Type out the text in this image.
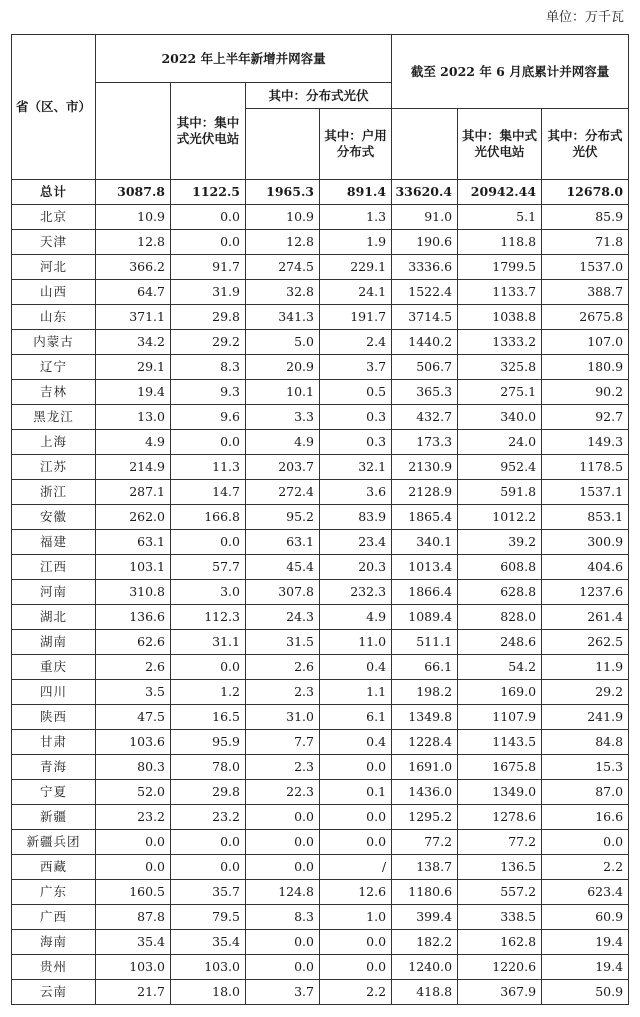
单位：万千瓦
省（区、市）	2022 年上半年新增并网容量				截至 2022 年 6 月底累计并网容量		
		其中：集中式光伏电站	其中：分布式光伏				
				其中：户用分布式		其中：集中式光伏电站	其中：分布式光伏
总计	3087.8	1122.5	1965.3	891.4	33620.4	20942.44	12678.0
北京	10.9	0.0	10.9	1.3	91.0	5.1	85.9
天津	12.8	0.0	12.8	1.9	190.6	118.8	71.8
河北	366.2	91.7	274.5	229.1	3336.6	1799.5	1537.0
山西	64.7	31.9	32.8	24.1	1522.4	1133.7	388.7
山东	371.1	29.8	341.3	191.7	3714.5	1038.8	2675.8
内蒙古	34.2	29.2	5.0	2.4	1440.2	1333.2	107.0
辽宁	29.1	8.3	20.9	3.7	506.7	325.8	180.9
吉林	19.4	9.3	10.1	0.5	365.3	275.1	90.2
黑龙江	13.0	9.6	3.3	0.3	432.7	340.0	92.7
上海	4.9	0.0	4.9	0.3	173.3	24.0	149.3
江苏	214.9	11.3	203.7	32.1	2130.9	952.4	1178.5
浙江	287.1	14.7	272.4	3.6	2128.9	591.8	1537.1
安徽	262.0	166.8	95.2	83.9	1865.4	1012.2	853.1
福建	63.1	0.0	63.1	23.4	340.1	39.2	300.9
江西	103.1	57.7	45.4	20.3	1013.4	608.8	404.6
河南	310.8	3.0	307.8	232.3	1866.4	628.8	1237.6
湖北	136.6	112.3	24.3	4.9	1089.4	828.0	261.4
湖南	62.6	31.1	31.5	11.0	511.1	248.6	262.5
重庆	2.6	0.0	2.6	0.4	66.1	54.2	11.9
四川	3.5	1.2	2.3	1.1	198.2	169.0	29.2
陕西	47.5	16.5	31.0	6.1	1349.8	1107.9	241.9
甘肃	103.6	95.9	7.7	0.4	1228.4	1143.5	84.8
青海	80.3	78.0	2.3	0.0	1691.0	1675.8	15.3
宁夏	52.0	29.8	22.3	0.1	1436.0	1349.0	87.0
新疆	23.2	23.2	0.0	0.0	1295.2	1278.6	16.6
新疆兵团	0.0	0.0	0.0	0.0	77.2	77.2	0.0
西藏	0.0	0.0	0.0	/	138.7	136.5	2.2
广东	160.5	35.7	124.8	12.6	1180.6	557.2	623.4
广西	87.8	79.5	8.3	1.0	399.4	338.5	60.9
海南	35.4	35.4	0.0	0.0	182.2	162.8	19.4
贵州	103.0	103.0	0.0	0.0	1240.0	1220.6	19.4
云南	21.7	18.0	3.7	2.2	418.8	367.9	50.9
